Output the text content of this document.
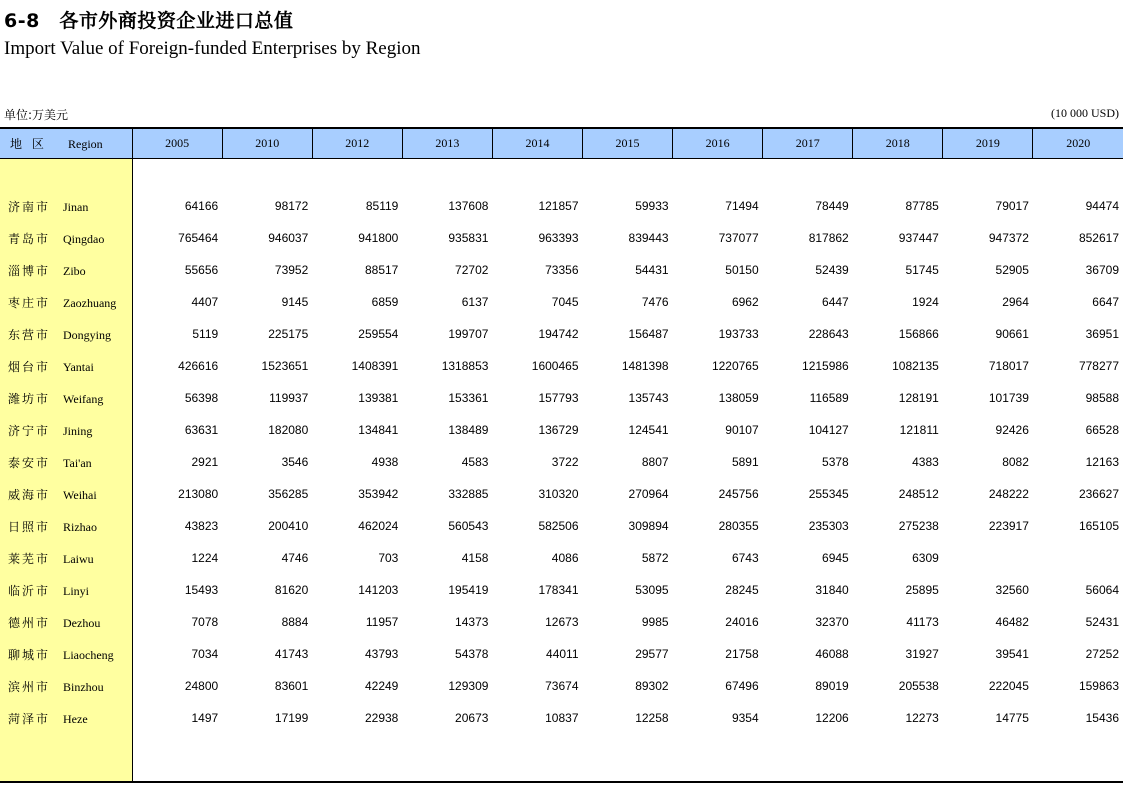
6-8　各市外商投资企业进口总值
Import Value of Foreign-funded Enterprises by Region
单位:万美元	(10 000 USD)
地 区 Region	2005	2010	2012	2013	2014	2015	2016	2017	2018	2019	2020

济南市 Jinan	64166	98172	85119	137608	121857	59933	71494	78449	87785	79017	94474
青岛市 Qingdao	765464	946037	941800	935831	963393	839443	737077	817862	937447	947372	852617
淄博市 Zibo	55656	73952	88517	72702	73356	54431	50150	52439	51745	52905	36709
枣庄市 Zaozhuang	4407	9145	6859	6137	7045	7476	6962	6447	1924	2964	6647
东营市 Dongying	5119	225175	259554	199707	194742	156487	193733	228643	156866	90661	36951
烟台市 Yantai	426616	1523651	1408391	1318853	1600465	1481398	1220765	1215986	1082135	718017	778277
潍坊市 Weifang	56398	119937	139381	153361	157793	135743	138059	116589	128191	101739	98588
济宁市 Jining	63631	182080	134841	138489	136729	124541	90107	104127	121811	92426	66528
泰安市 Tai'an	2921	3546	4938	4583	3722	8807	5891	5378	4383	8082	12163
威海市 Weihai	213080	356285	353942	332885	310320	270964	245756	255345	248512	248222	236627
日照市 Rizhao	43823	200410	462024	560543	582506	309894	280355	235303	275238	223917	165105
莱芜市 Laiwu	1224	4746	703	4158	4086	5872	6743	6945	6309		
临沂市 Linyi	15493	81620	141203	195419	178341	53095	28245	31840	25895	32560	56064
德州市 Dezhou	7078	8884	11957	14373	12673	9985	24016	32370	41173	46482	52431
聊城市 Liaocheng	7034	41743	43793	54378	44011	29577	21758	46088	31927	39541	27252
滨州市 Binzhou	24800	83601	42249	129309	73674	89302	67496	89019	205538	222045	159863
菏泽市 Heze	1497	17199	22938	20673	10837	12258	9354	12206	12273	14775	15436
